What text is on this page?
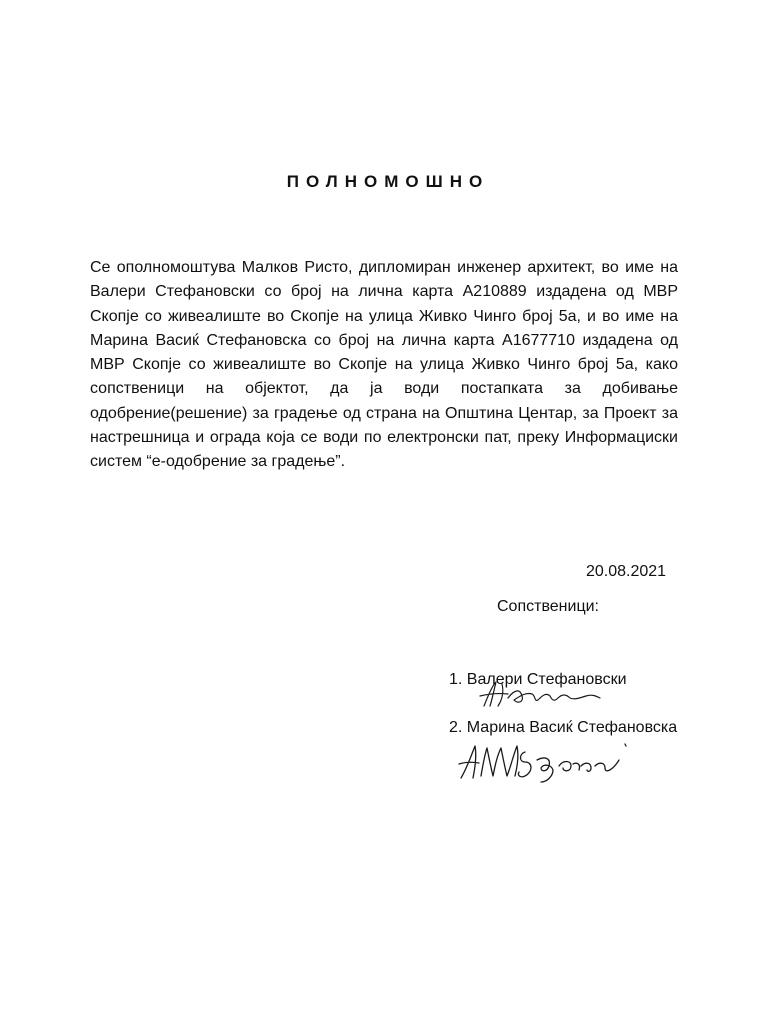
ПОЛНОМОШНО

Се ополномоштува Малков Ристо, дипломиран инженер архитект, во име на Валери Стефановски со број на лична карта А210889 издадена од МВР Скопје со живеалиште во Скопје на улица Живко Чинго број 5а, и во име на Марина Васиќ Стефановска со број на лична карта А1677710 издадена од МВР Скопје со живеалиште во Скопје на улица Живко Чинго број 5а, како сопственици на објектот, да ја води постапката за добивање одобрение(решение) за градење од страна на Општина Центар, за Проект за настрешница и ограда која се води по електронски пат, преку Информациски систем “е-одобрение за градење”.

20.08.2021
Сопственици:
1. Валери Стефановски
2. Марина Васиќ Стефановска
